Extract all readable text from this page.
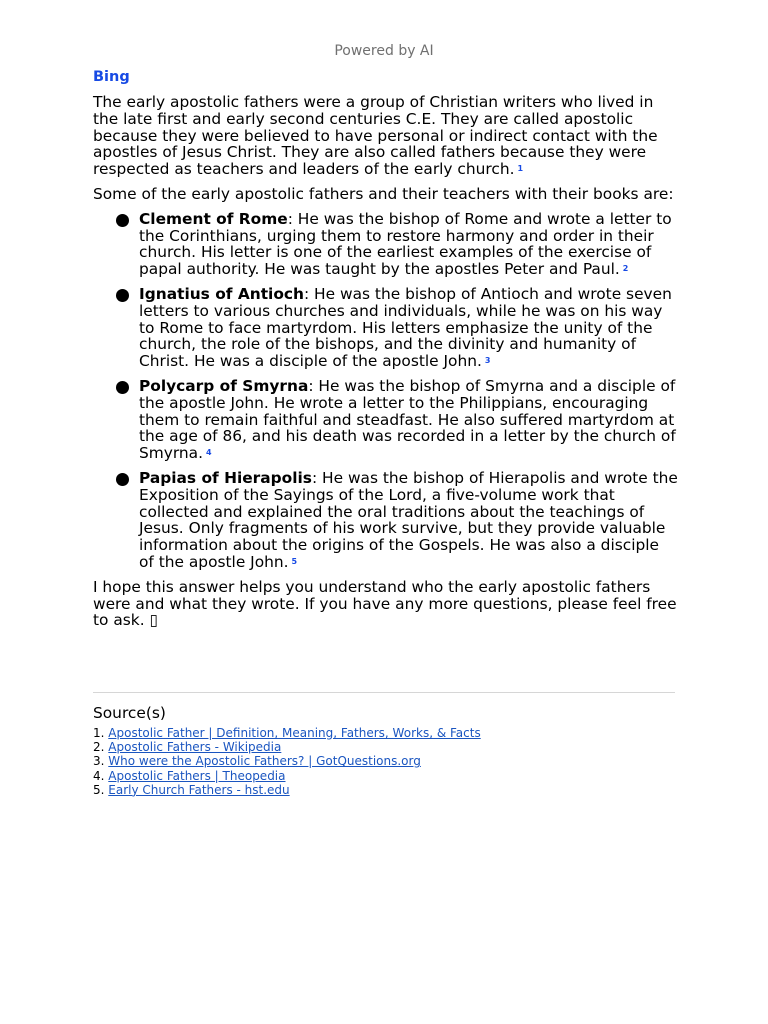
Powered by AI
Bing

The early apostolic fathers were a group of Christian writers who lived in the late first and early second centuries C.E. They are called apostolic because they were believed to have personal or indirect contact with the apostles of Jesus Christ. They are also called fathers because they were respected as teachers and leaders of the early church. 1

Some of the early apostolic fathers and their teachers with their books are:

Clement of Rome: He was the bishop of Rome and wrote a letter to the Corinthians, urging them to restore harmony and order in their church. His letter is one of the earliest examples of the exercise of papal authority. He was taught by the apostles Peter and Paul. 2
Ignatius of Antioch: He was the bishop of Antioch and wrote seven letters to various churches and individuals, while he was on his way to Rome to face martyrdom. His letters emphasize the unity of the church, the role of the bishops, and the divinity and humanity of Christ. He was a disciple of the apostle John. 3
Polycarp of Smyrna: He was the bishop of Smyrna and a disciple of the apostle John. He wrote a letter to the Philippians, encouraging them to remain faithful and steadfast. He also suffered martyrdom at the age of 86, and his death was recorded in a letter by the church of Smyrna. 4
Papias of Hierapolis: He was the bishop of Hierapolis and wrote the Exposition of the Sayings of the Lord, a five-volume work that collected and explained the oral traditions about the teachings of Jesus. Only fragments of his work survive, but they provide valuable information about the origins of the Gospels. He was also a disciple of the apostle John. 5

I hope this answer helps you understand who the early apostolic fathers were and what they wrote. If you have any more questions, please feel free to ask. ▯

Source(s)
1. Apostolic Father | Definition, Meaning, Fathers, Works, & Facts
2. Apostolic Fathers - Wikipedia
3. Who were the Apostolic Fathers? | GotQuestions.org
4. Apostolic Fathers | Theopedia
5. Early Church Fathers - hst.edu
